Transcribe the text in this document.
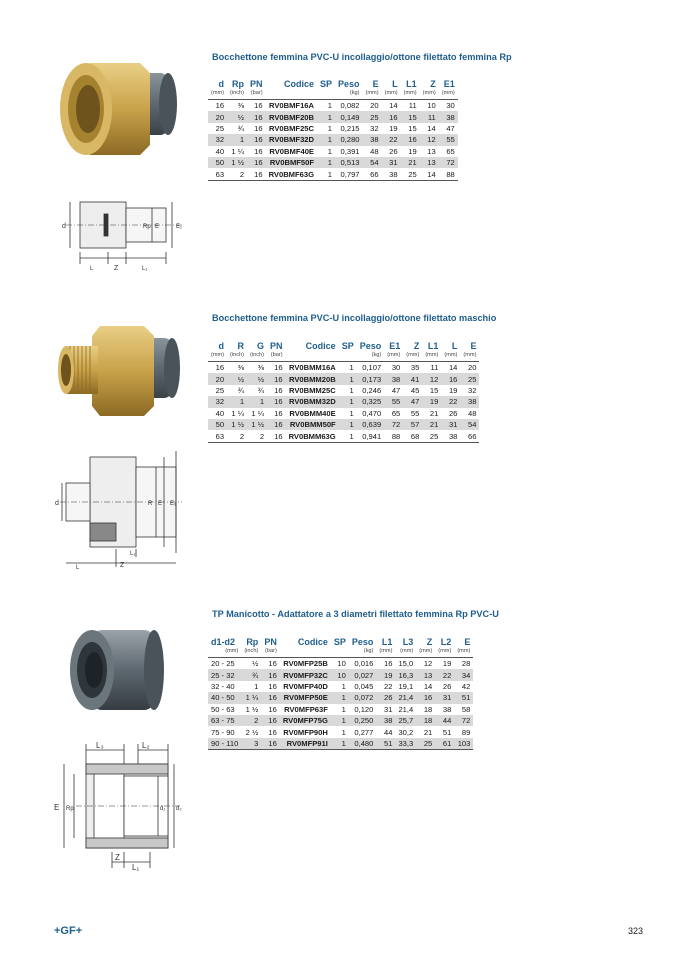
Bocchettone femmina PVC-U incollaggio/ottone filettato femmina Rp
d	Rp	PN	Codice	SP	Peso	E	L	L1	Z	E1
(mm)	(inch)	(bar)			(kg)	(mm)	(mm)	(mm)	(mm)	(mm)
16	⅜	16	RV0BMF16A	1	0,082	20	14	11	10	30
20	½	16	RV0BMF20B	1	0,149	25	16	15	11	38
25	¾	16	RV0BMF25C	1	0,215	32	19	15	14	47
32	1	16	RV0BMF32D	1	0,280	38	22	16	12	55
40	1 ¼	16	RV0BMF40E	1	0,391	48	26	19	13	65
50	1 ½	16	RV0BMF50F	1	0,513	54	31	21	13	72
63	2	16	RV0BMF63G	1	0,797	66	38	25	14	88
d	Rp E	E₁
L	Z	L₁
Bocchettone femmina PVC-U incollaggio/ottone filettato maschio
d	R	G	PN	Codice	SP	Peso	E1	Z	L1	L	E
(mm)	(inch)	(inch)	(bar)			(kg)	(mm)	(mm)	(mm)	(mm)	(mm)
16	⅜	⅜	16	RV0BMM16A	1	0,107	30	35	11	14	20
20	½	½	16	RV0BMM20B	1	0,173	38	41	12	16	25
25	¾	¾	16	RV0BMM25C	1	0,246	47	45	15	19	32
32	1	1	16	RV0BMM32D	1	0,325	55	47	19	22	38
40	1 ¼	1 ¼	16	RV0BMM40E	1	0,470	65	55	21	26	48
50	1 ½	1 ½	16	RV0BMM50F	1	0,639	72	57	21	31	54
63	2	2	16	RV0BMM63G	1	0,941	88	68	25	38	66
d	R E E₁
L₁
L	Z
TP Manicotto - Adattatore a 3 diametri filettato femmina Rp PVC-U
d1-d2	Rp	PN	Codice	SP	Peso	L1	L3	Z	L2	E
(mm)	(inch)	(bar)			(kg)	(mm)	(mm)	(mm)	(mm)	(mm)
20 - 25	½	16	RV0MFP25B	10	0,016	16	15,0	12	19	28
25 - 32	¾	16	RV0MFP32C	10	0,027	19	16,3	13	22	34
32 - 40	1	16	RV0MFP40D	1	0,045	22	19,1	14	26	42
40 - 50	1 ¼	16	RV0MFP50E	1	0,072	26	21,4	16	31	51
50 - 63	1 ½	16	RV0MFP63F	1	0,120	31	21,4	18	38	58
63 - 75	2	16	RV0MFP75G	1	0,250	38	25,7	18	44	72
75 - 90	2 ½	16	RV0MFP90H	1	0,277	44	30,2	21	51	89
90 - 110	3	16	RV0MFP91I	1	0,480	51	33,3	25	61	103
L₃	L₂
E Rp	d₁ d₂
Z
L₁
+GF+	323
